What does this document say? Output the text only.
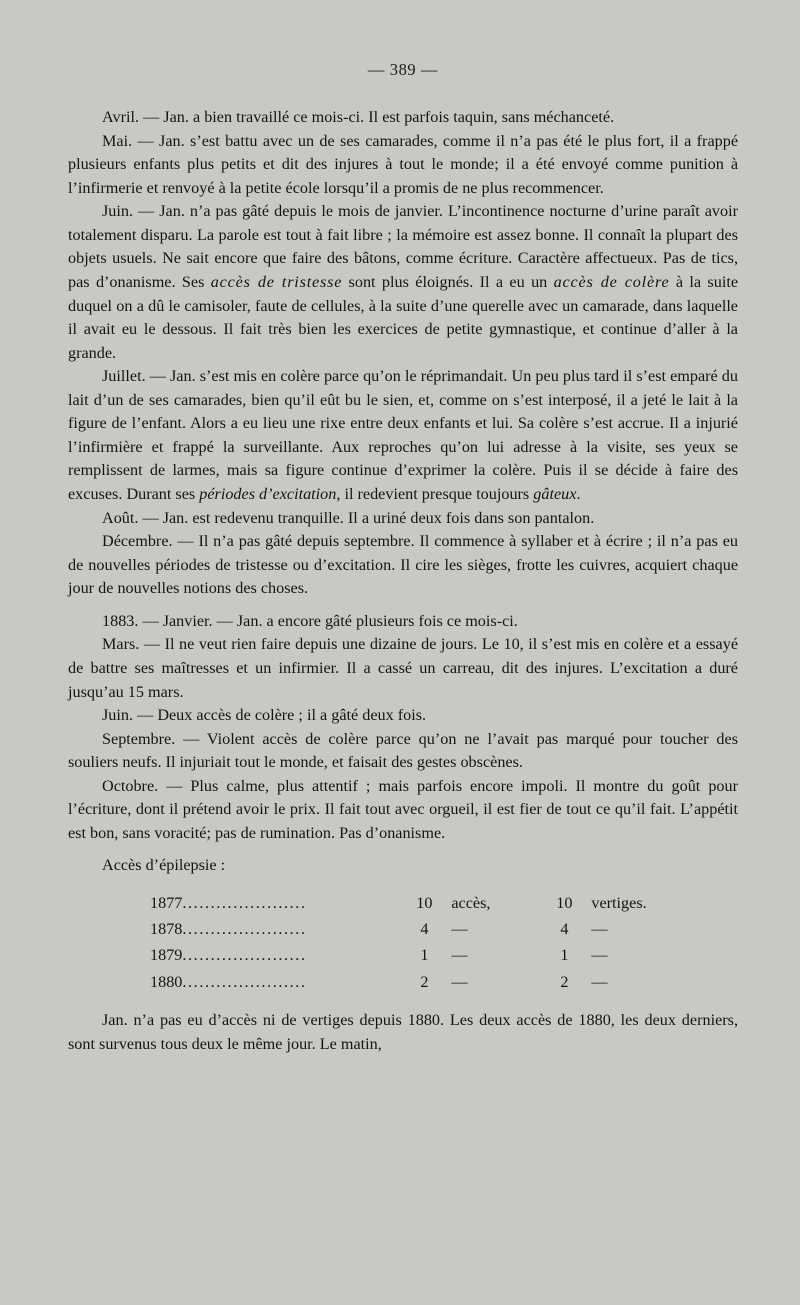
— 389 —

Avril. — Jan. a bien travaillé ce mois-ci. Il est parfois taquin, sans méchanceté.

Mai. — Jan. s’est battu avec un de ses camarades, comme il n’a pas été le plus fort, il a frappé plusieurs enfants plus petits et dit des injures à tout le monde; il a été envoyé comme punition à l’infirmerie et renvoyé à la petite école lorsqu’il a promis de ne plus recommencer.

Juin. — Jan. n’a pas gâté depuis le mois de janvier. L’incontinence nocturne d’urine paraît avoir totalement disparu. La parole est tout à fait libre ; la mémoire est assez bonne. Il connaît la plupart des objets usuels. Ne sait encore que faire des bâtons, comme écriture. Caractère affectueux. Pas de tics, pas d’onanisme. Ses accès de tristesse sont plus éloignés. Il a eu un accès de colère à la suite duquel on a dû le camisoler, faute de cellules, à la suite d’une querelle avec un camarade, dans laquelle il avait eu le dessous. Il fait très bien les exercices de petite gymnastique, et continue d’aller à la grande.

Juillet. — Jan. s’est mis en colère parce qu’on le réprimandait. Un peu plus tard il s’est emparé du lait d’un de ses camarades, bien qu’il eût bu le sien, et, comme on s’est interposé, il a jeté le lait à la figure de l’enfant. Alors a eu lieu une rixe entre deux enfants et lui. Sa colère s’est accrue. Il a injurié l’infirmière et frappé la surveillante. Aux reproches qu’on lui adresse à la visite, ses yeux se remplissent de larmes, mais sa figure continue d’exprimer la colère. Puis il se décide à faire des excuses. Durant ses périodes d’excitation, il redevient presque toujours gâteux.

Août. — Jan. est redevenu tranquille. Il a uriné deux fois dans son pantalon.

Décembre. — Il n’a pas gâté depuis septembre. Il commence à syllaber et à écrire ; il n’a pas eu de nouvelles périodes de tristesse ou d’excitation. Il cire les sièges, frotte les cuivres, acquiert chaque jour de nouvelles notions des choses.

1883. — Janvier. — Jan. a encore gâté plusieurs fois ce mois-ci.

Mars. — Il ne veut rien faire depuis une dizaine de jours. Le 10, il s’est mis en colère et a essayé de battre ses maîtresses et un infirmier. Il a cassé un carreau, dit des injures. L’excitation a duré jusqu’au 15 mars.

Juin. — Deux accès de colère ; il a gâté deux fois.

Septembre. — Violent accès de colère parce qu’on ne l’avait pas marqué pour toucher des souliers neufs. Il injuriait tout le monde, et faisait des gestes obscènes.

Octobre. — Plus calme, plus attentif ; mais parfois encore impoli. Il montre du goût pour l’écriture, dont il prétend avoir le prix. Il fait tout avec orgueil, il est fier de tout ce qu’il fait. L’appétit est bon, sans voracité; pas de rumination. Pas d’onanisme.

Accès d’épilepsie :

1877	......................	10	accès,	10	vertiges.
1878	......................	4	—	4	—
1879	......................	1	—	1	—
1880	......................	2	—	2	—

Jan. n’a pas eu d’accès ni de vertiges depuis 1880. Les deux accès de 1880, les deux derniers, sont survenus tous deux le même jour. Le matin,
